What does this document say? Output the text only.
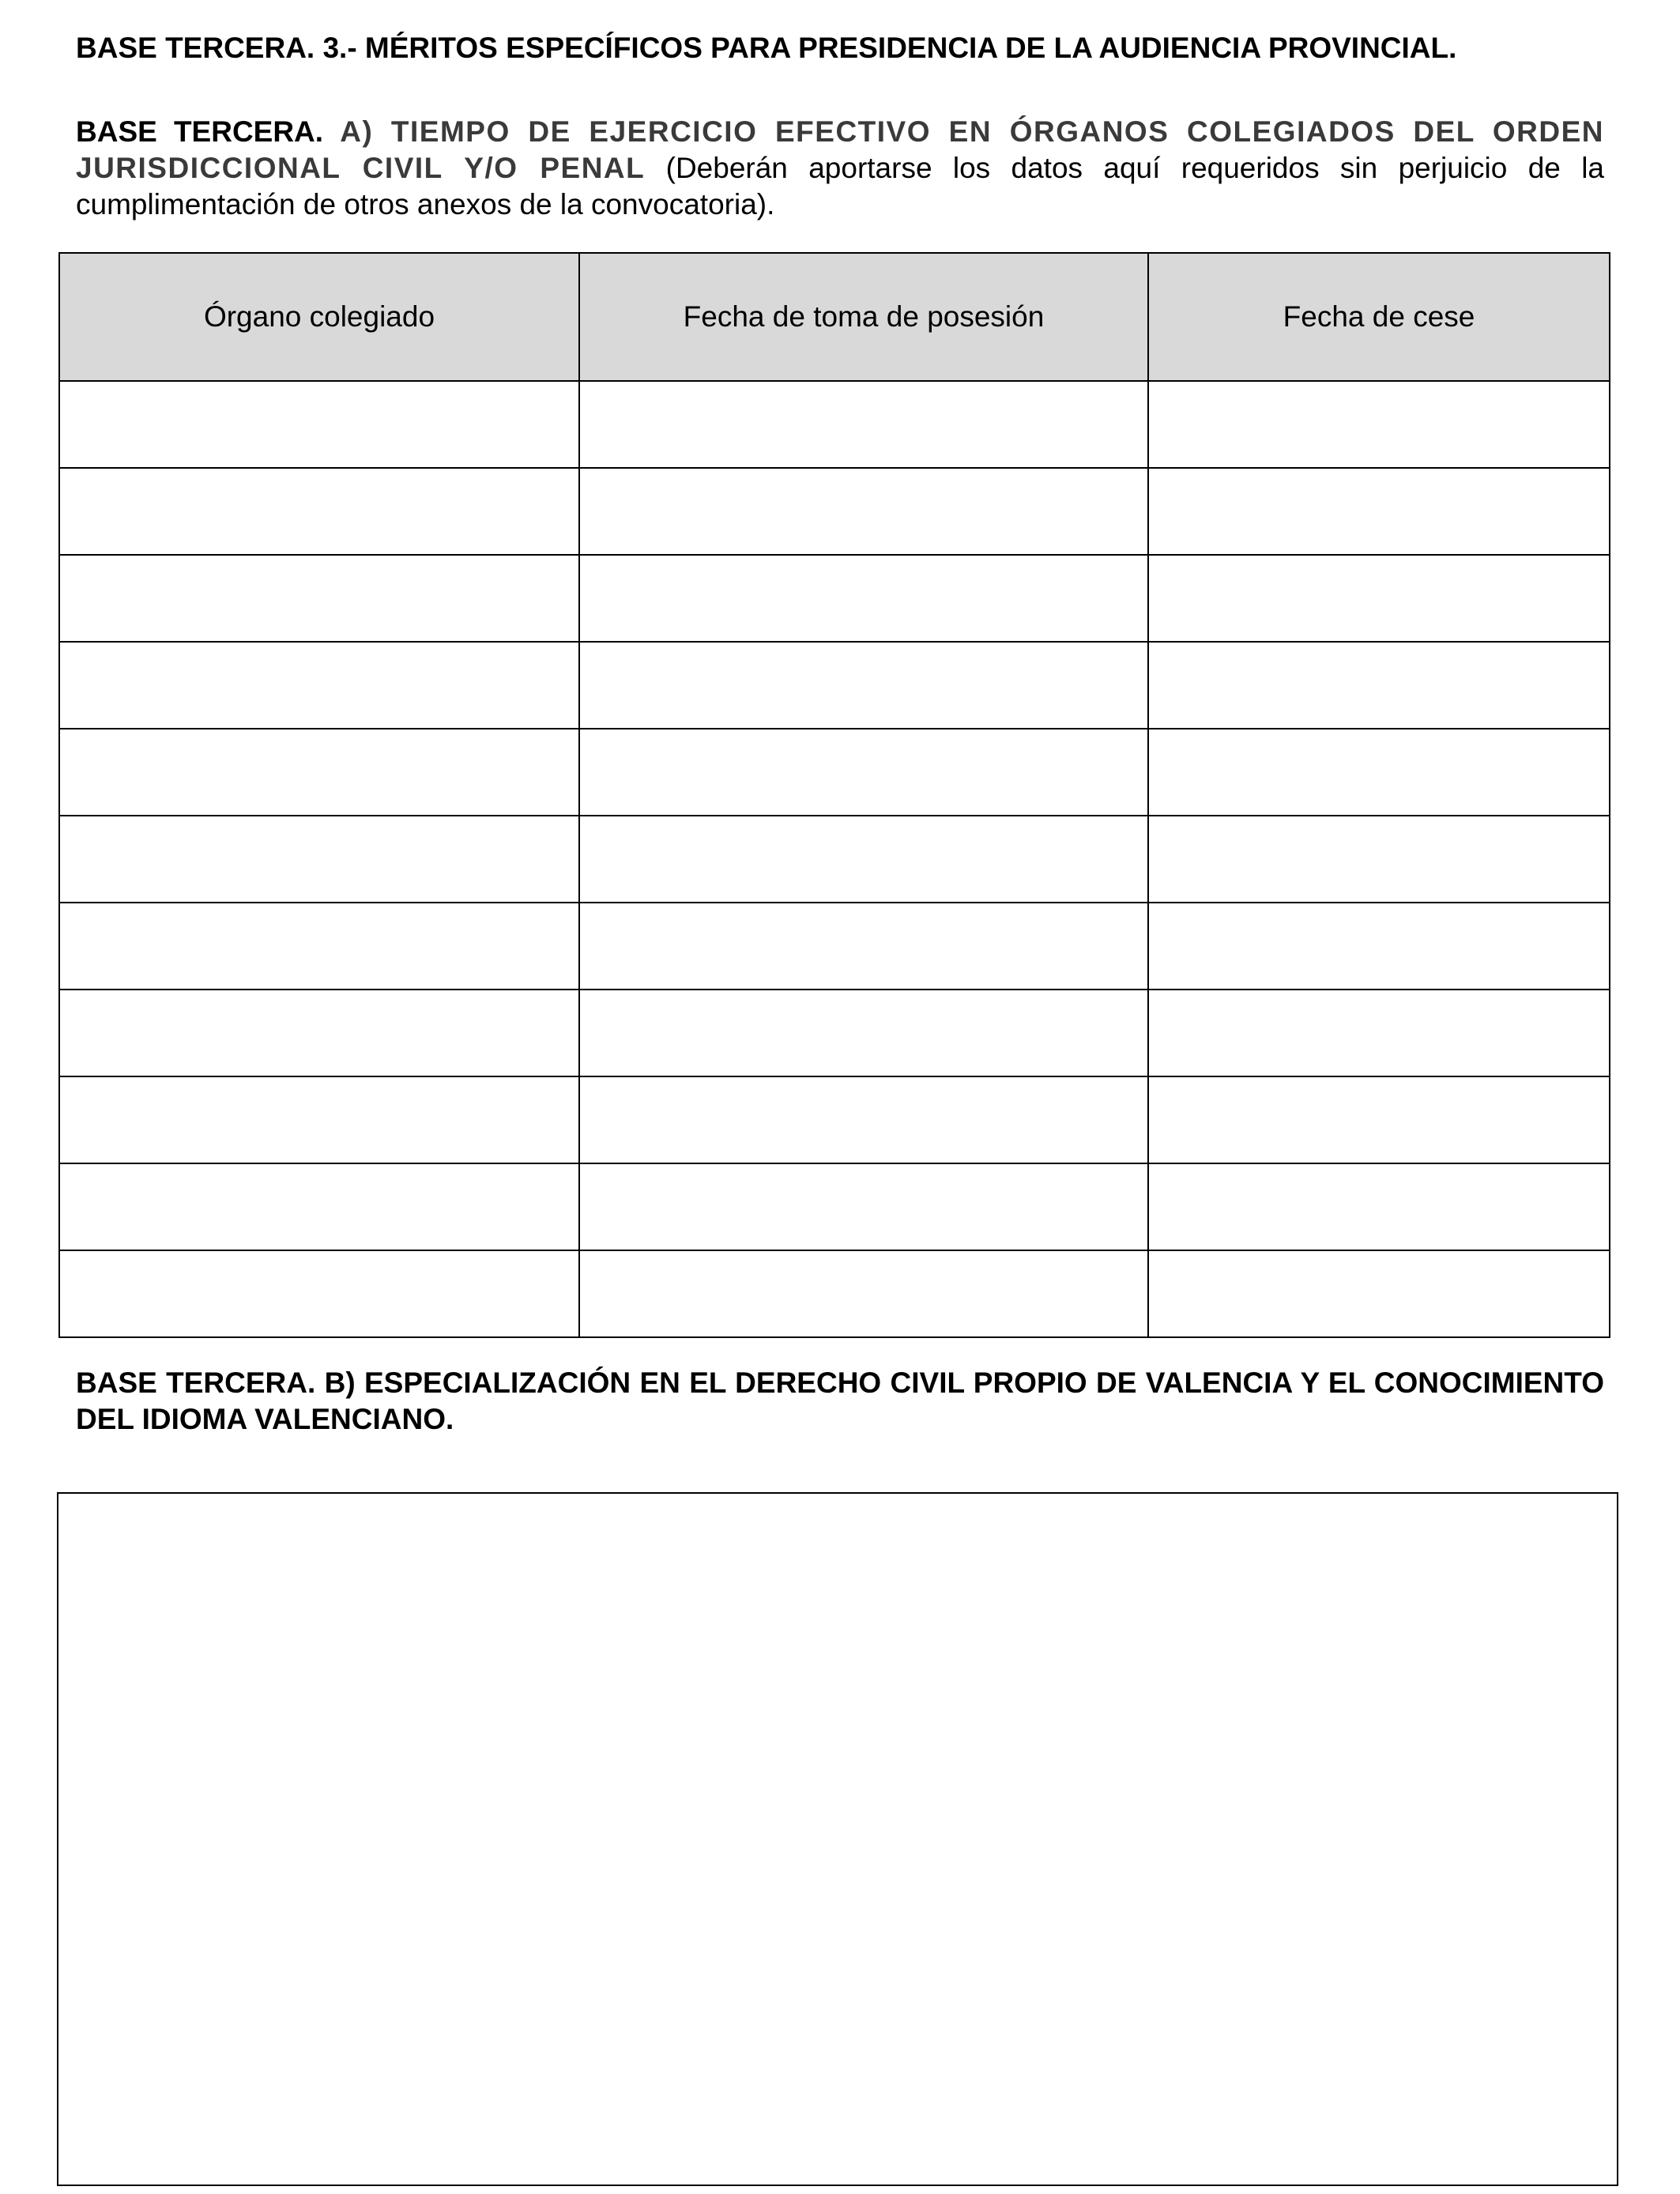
BASE TERCERA. 3.- MÉRITOS ESPECÍFICOS PARA PRESIDENCIA DE LA AUDIENCIA PROVINCIAL.

BASE TERCERA. A) TIEMPO DE EJERCICIO EFECTIVO EN ÓRGANOS COLEGIADOS DEL ORDEN JURISDICCIONAL CIVIL Y/O PENAL (Deberán aportarse los datos aquí requeridos sin perjuicio de la cumplimentación de otros anexos de la convocatoria).

Órgano colegiado	Fecha de toma de posesión	Fecha de cese

BASE TERCERA. B) ESPECIALIZACIÓN EN EL DERECHO CIVIL PROPIO DE VALENCIA Y EL CONOCIMIENTO DEL IDIOMA VALENCIANO.
